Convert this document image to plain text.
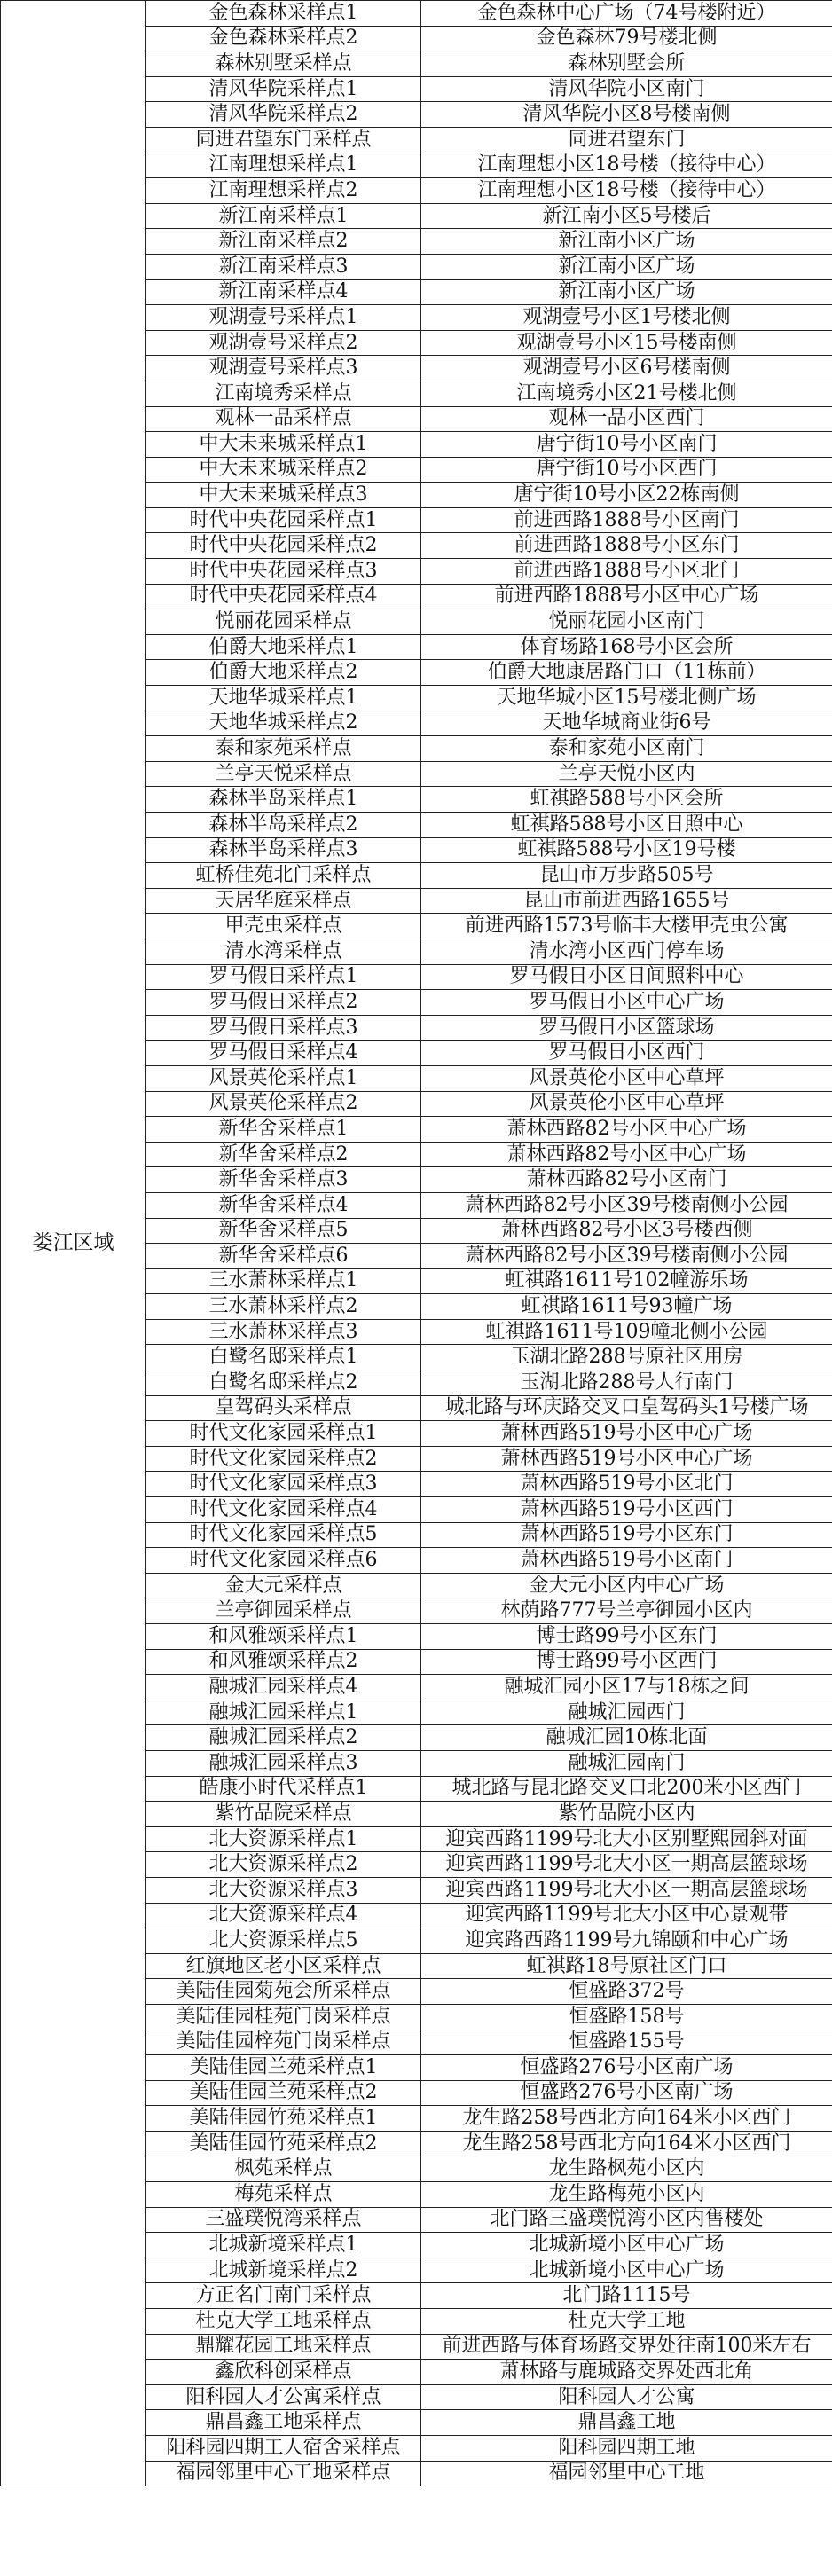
娄江区域	金色森林采样点1	金色森林中心广场（74号楼附近）
	金色森林采样点2	金色森林79号楼北侧
	森林别墅采样点	森林别墅会所
	清风华院采样点1	清风华院小区南门
	清风华院采样点2	清风华院小区8号楼南侧
	同进君望东门采样点	同进君望东门
	江南理想采样点1	江南理想小区18号楼（接待中心）
	江南理想采样点2	江南理想小区18号楼（接待中心）
	新江南采样点1	新江南小区5号楼后
	新江南采样点2	新江南小区广场
	新江南采样点3	新江南小区广场
	新江南采样点4	新江南小区广场
	观湖壹号采样点1	观湖壹号小区1号楼北侧
	观湖壹号采样点2	观湖壹号小区15号楼南侧
	观湖壹号采样点3	观湖壹号小区6号楼南侧
	江南境秀采样点	江南境秀小区21号楼北侧
	观林一品采样点	观林一品小区西门
	中大未来城采样点1	唐宁街10号小区南门
	中大未来城采样点2	唐宁街10号小区西门
	中大未来城采样点3	唐宁街10号小区22栋南侧
	时代中央花园采样点1	前进西路1888号小区南门
	时代中央花园采样点2	前进西路1888号小区东门
	时代中央花园采样点3	前进西路1888号小区北门
	时代中央花园采样点4	前进西路1888号小区中心广场
	悦丽花园采样点	悦丽花园小区南门
	伯爵大地采样点1	体育场路168号小区会所
	伯爵大地采样点2	伯爵大地康居路门口（11栋前）
	天地华城采样点1	天地华城小区15号楼北侧广场
	天地华城采样点2	天地华城商业街6号
	泰和家苑采样点	泰和家苑小区南门
	兰亭天悦采样点	兰亭天悦小区内
	森林半岛采样点1	虹祺路588号小区会所
	森林半岛采样点2	虹祺路588号小区日照中心
	森林半岛采样点3	虹祺路588号小区19号楼
	虹桥佳苑北门采样点	昆山市万步路505号
	天居华庭采样点	昆山市前进西路1655号
	甲壳虫采样点	前进西路1573号临丰大楼甲壳虫公寓
	清水湾采样点	清水湾小区西门停车场
	罗马假日采样点1	罗马假日小区日间照料中心
	罗马假日采样点2	罗马假日小区中心广场
	罗马假日采样点3	罗马假日小区篮球场
	罗马假日采样点4	罗马假日小区西门
	风景英伦采样点1	风景英伦小区中心草坪
	风景英伦采样点2	风景英伦小区中心草坪
	新华舍采样点1	萧林西路82号小区中心广场
	新华舍采样点2	萧林西路82号小区中心广场
	新华舍采样点3	萧林西路82号小区南门
	新华舍采样点4	萧林西路82号小区39号楼南侧小公园
	新华舍采样点5	萧林西路82号小区3号楼西侧
	新华舍采样点6	萧林西路82号小区39号楼南侧小公园
	三水萧林采样点1	虹祺路1611号102幢游乐场
	三水萧林采样点2	虹祺路1611号93幢广场
	三水萧林采样点3	虹祺路1611号109幢北侧小公园
	白鹭名邸采样点1	玉湖北路288号原社区用房
	白鹭名邸采样点2	玉湖北路288号人行南门
	皇驾码头采样点	城北路与环庆路交叉口皇驾码头1号楼广场
	时代文化家园采样点1	萧林西路519号小区中心广场
	时代文化家园采样点2	萧林西路519号小区中心广场
	时代文化家园采样点3	萧林西路519号小区北门
	时代文化家园采样点4	萧林西路519号小区西门
	时代文化家园采样点5	萧林西路519号小区东门
	时代文化家园采样点6	萧林西路519号小区南门
	金大元采样点	金大元小区内中心广场
	兰亭御园采样点	林荫路777号兰亭御园小区内
	和风雅颂采样点1	博士路99号小区东门
	和风雅颂采样点2	博士路99号小区西门
	融城汇园采样点4	融城汇园小区17与18栋之间
	融城汇园采样点1	融城汇园西门
	融城汇园采样点2	融城汇园10栋北面
	融城汇园采样点3	融城汇园南门
	皓康小时代采样点1	城北路与昆北路交叉口北200米小区西门
	紫竹品院采样点	紫竹品院小区内
	北大资源采样点1	迎宾西路1199号北大小区别墅熙园斜对面
	北大资源采样点2	迎宾西路1199号北大小区一期高层篮球场
	北大资源采样点3	迎宾西路1199号北大小区一期高层篮球场
	北大资源采样点4	迎宾西路1199号北大小区中心景观带
	北大资源采样点5	迎宾路西路1199号九锦颐和中心广场
	红旗地区老小区采样点	虹祺路18号原社区门口
	美陆佳园菊苑会所采样点	恒盛路372号
	美陆佳园桂苑门岗采样点	恒盛路158号
	美陆佳园梓苑门岗采样点	恒盛路155号
	美陆佳园兰苑采样点1	恒盛路276号小区南广场
	美陆佳园兰苑采样点2	恒盛路276号小区南广场
	美陆佳园竹苑采样点1	龙生路258号西北方向164米小区西门
	美陆佳园竹苑采样点2	龙生路258号西北方向164米小区西门
	枫苑采样点	龙生路枫苑小区内
	梅苑采样点	龙生路梅苑小区内
	三盛璞悦湾采样点	北门路三盛璞悦湾小区内售楼处
	北城新境采样点1	北城新境小区中心广场
	北城新境采样点2	北城新境小区中心广场
	方正名门南门采样点	北门路1115号
	杜克大学工地采样点	杜克大学工地
	鼎耀花园工地采样点	前进西路与体育场路交界处往南100米左右
	鑫欣科创采样点	萧林路与鹿城路交界处西北角
	阳科园人才公寓采样点	阳科园人才公寓
	鼎昌鑫工地采样点	鼎昌鑫工地
	阳科园四期工人宿舍采样点	阳科园四期工地
	福园邻里中心工地采样点	福园邻里中心工地
